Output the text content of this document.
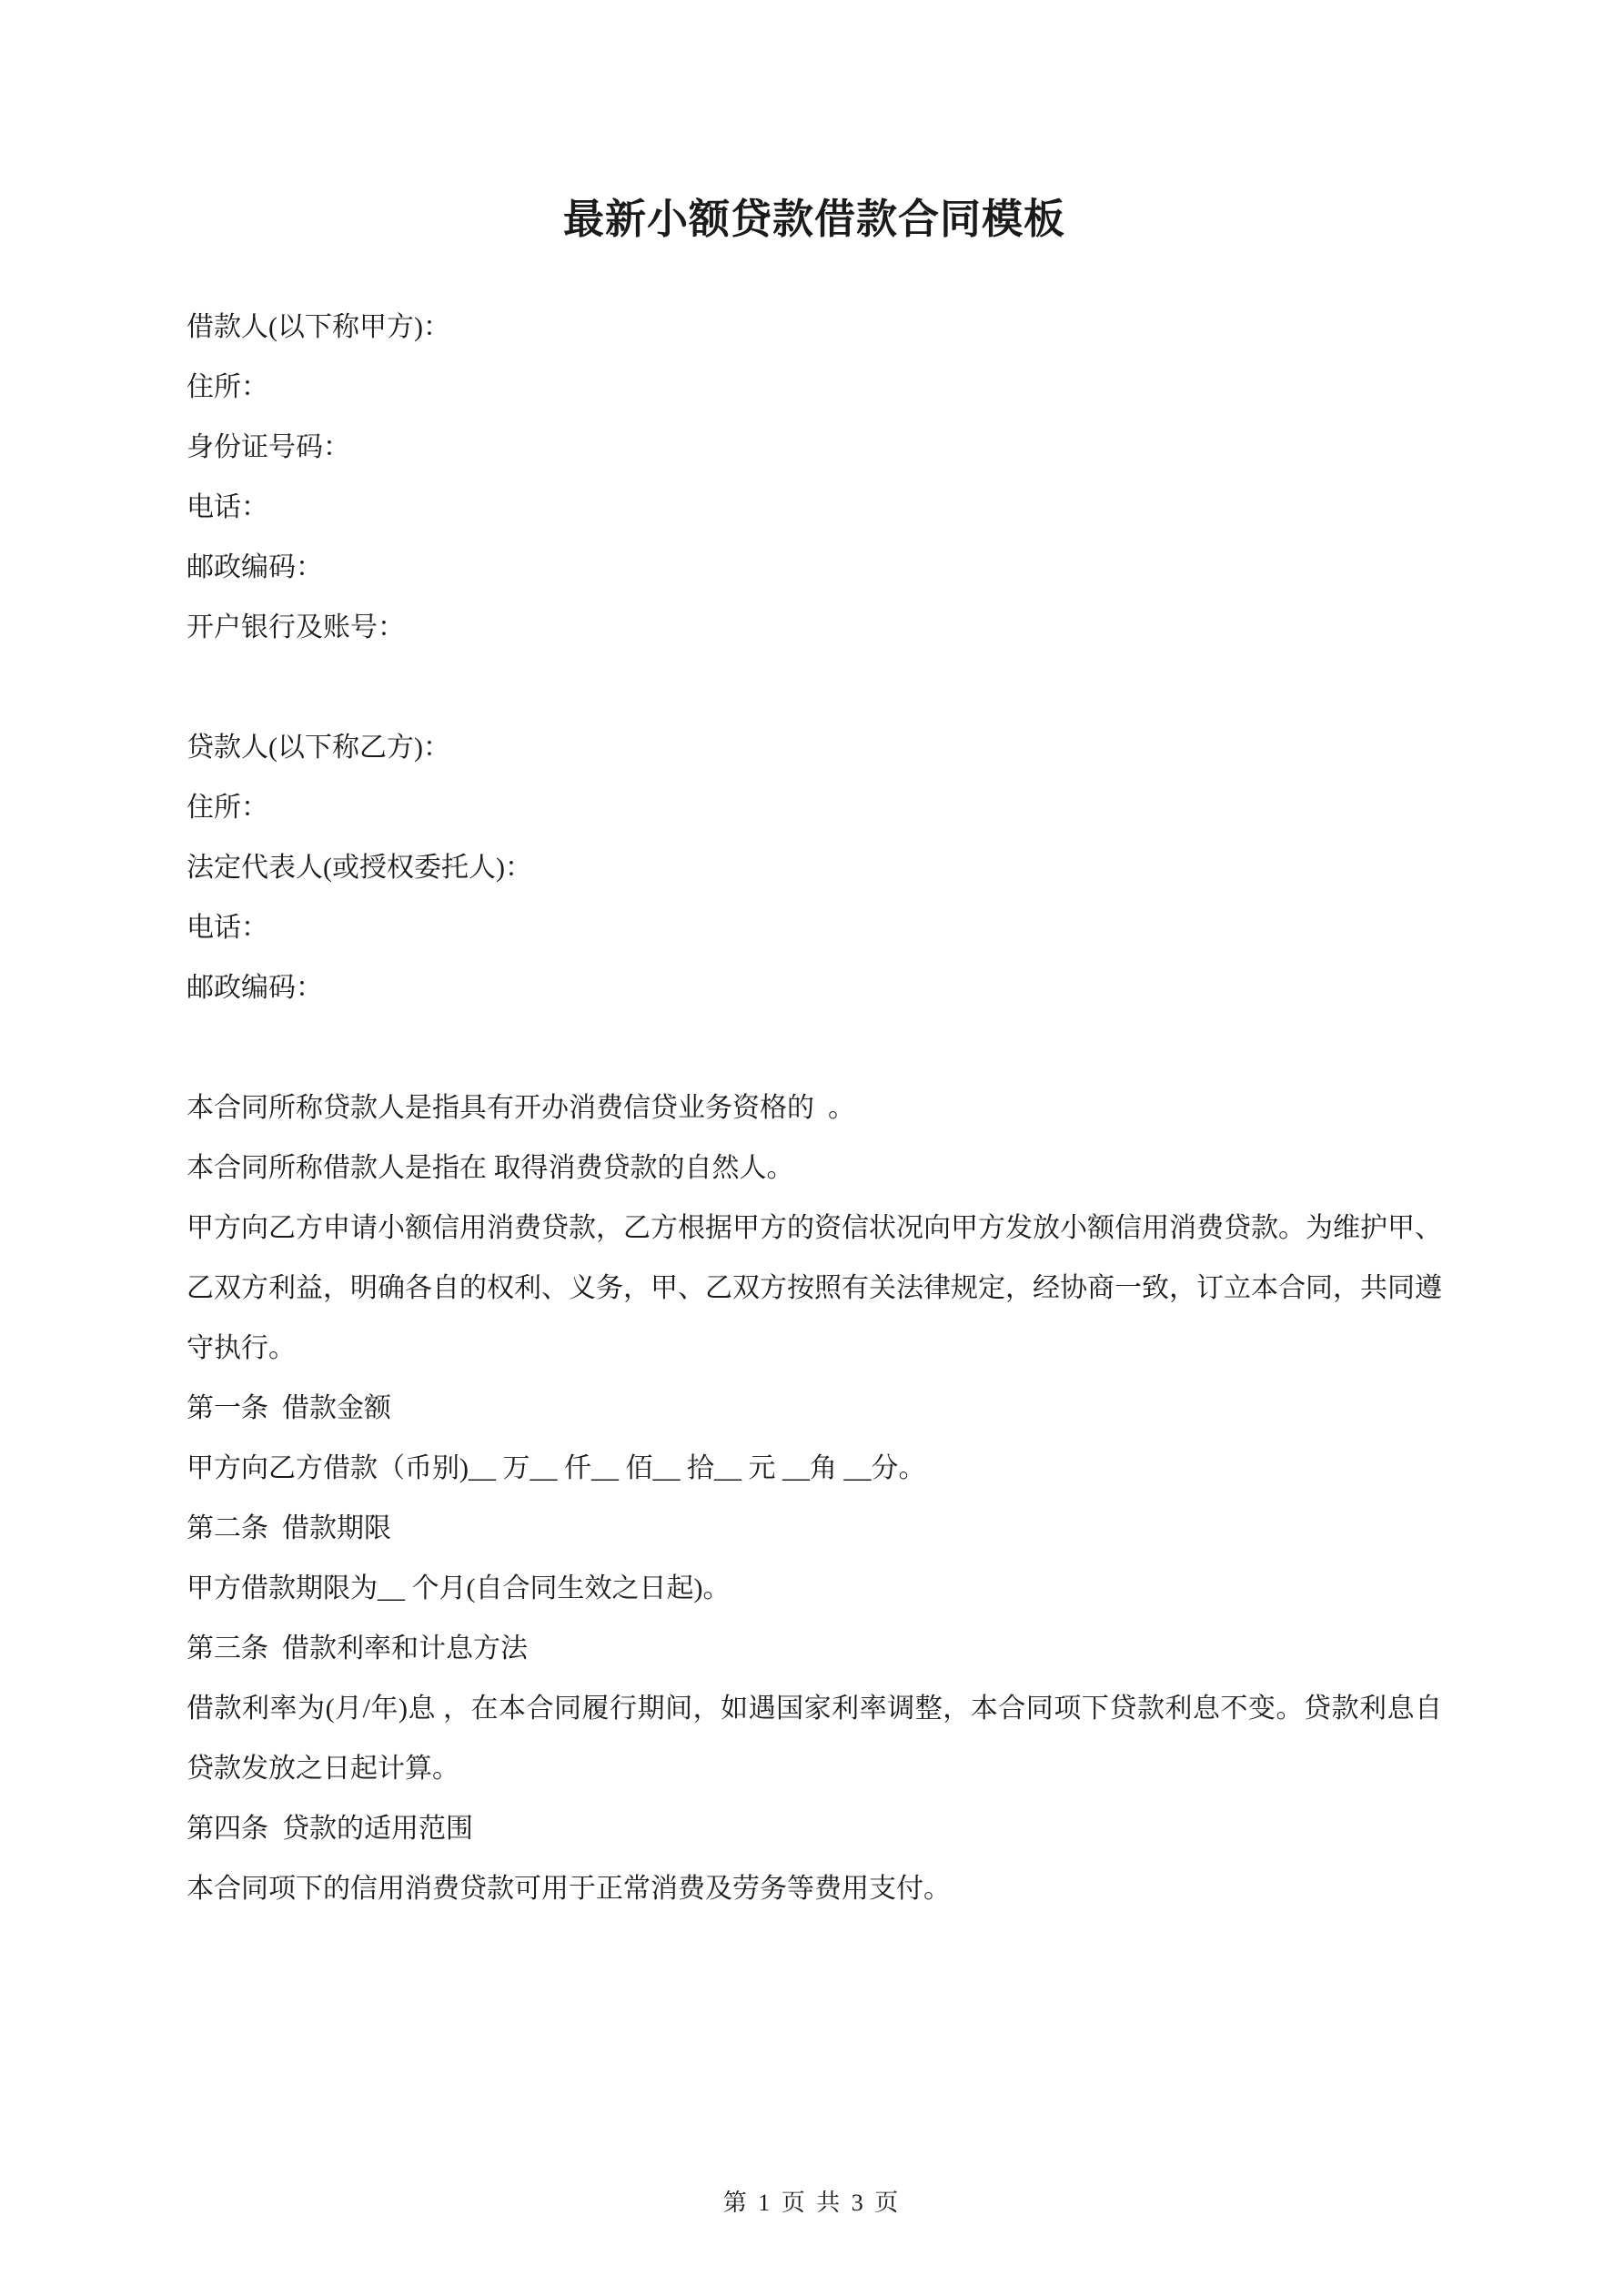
最新小额贷款借款合同模板
借款人(以下称甲方)：
住所：
身份证号码：
电话：
邮政编码：
开户银行及账号：
贷款人(以下称乙方)：
住所：
法定代表人(或授权委托人)：
电话：
邮政编码：
本合同所称贷款人是指具有开办消费信贷业务资格的  。
本合同所称借款人是指在 取得消费贷款的自然人。
甲方向乙方申请小额信用消费贷款，乙方根据甲方的资信状况向甲方发放小额信用消费贷款。为维护甲、乙双方利益，明确各自的权利、义务，甲、乙双方按照有关法律规定，经协商一致，订立本合同，共同遵守执行。
第一条  借款金额
甲方向乙方借款（币别)__ 万__ 仟__ 佰__ 拾__ 元 __角 __分。
第二条  借款期限
甲方借款期限为__ 个月(自合同生效之日起)。
第三条  借款利率和计息方法
借款利率为(月/年)息 ，在本合同履行期间，如遇国家利率调整，本合同项下贷款利息不变。贷款利息自贷款发放之日起计算。
第四条  贷款的适用范围
本合同项下的信用消费贷款可用于正常消费及劳务等费用支付。
第 1 页 共 3 页
